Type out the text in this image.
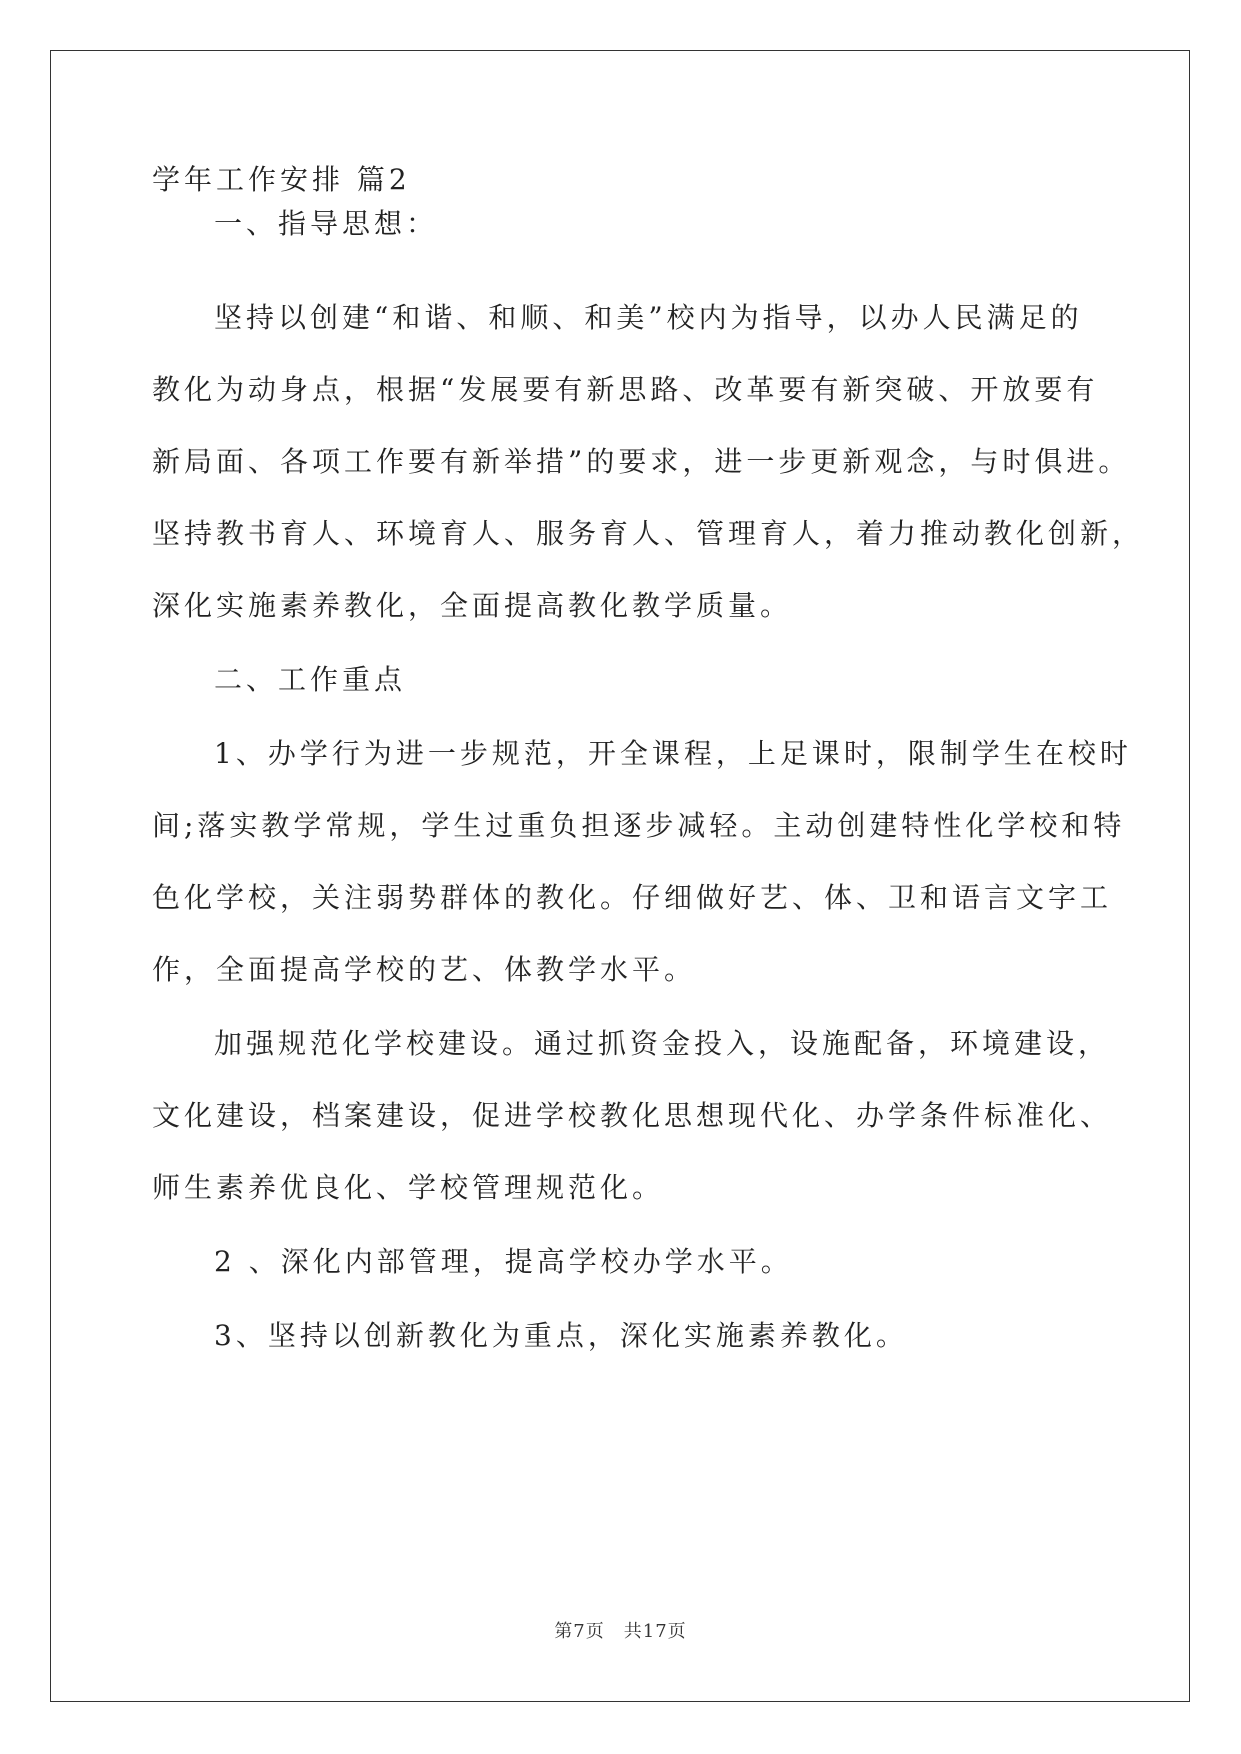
学年工作安排 篇2
一、指导思想：
坚持以创建“和谐、和顺、和美”校内为指导，以办人民满足的
教化为动身点，根据“发展要有新思路、改革要有新突破、开放要有
新局面、各项工作要有新举措”的要求，进一步更新观念，与时俱进。
坚持教书育人、环境育人、服务育人、管理育人，着力推动教化创新，
深化实施素养教化，全面提高教化教学质量。
二、工作重点
1、办学行为进一步规范，开全课程，上足课时，限制学生在校时
间;落实教学常规，学生过重负担逐步减轻。主动创建特性化学校和特
色化学校，关注弱势群体的教化。仔细做好艺、体、卫和语言文字工
作，全面提高学校的艺、体教学水平。
加强规范化学校建设。通过抓资金投入，设施配备，环境建设，
文化建设，档案建设，促进学校教化思想现代化、办学条件标准化、
师生素养优良化、学校管理规范化。
2 、深化内部管理，提高学校办学水平。
3、坚持以创新教化为重点，深化实施素养教化。
第7页　共17页
